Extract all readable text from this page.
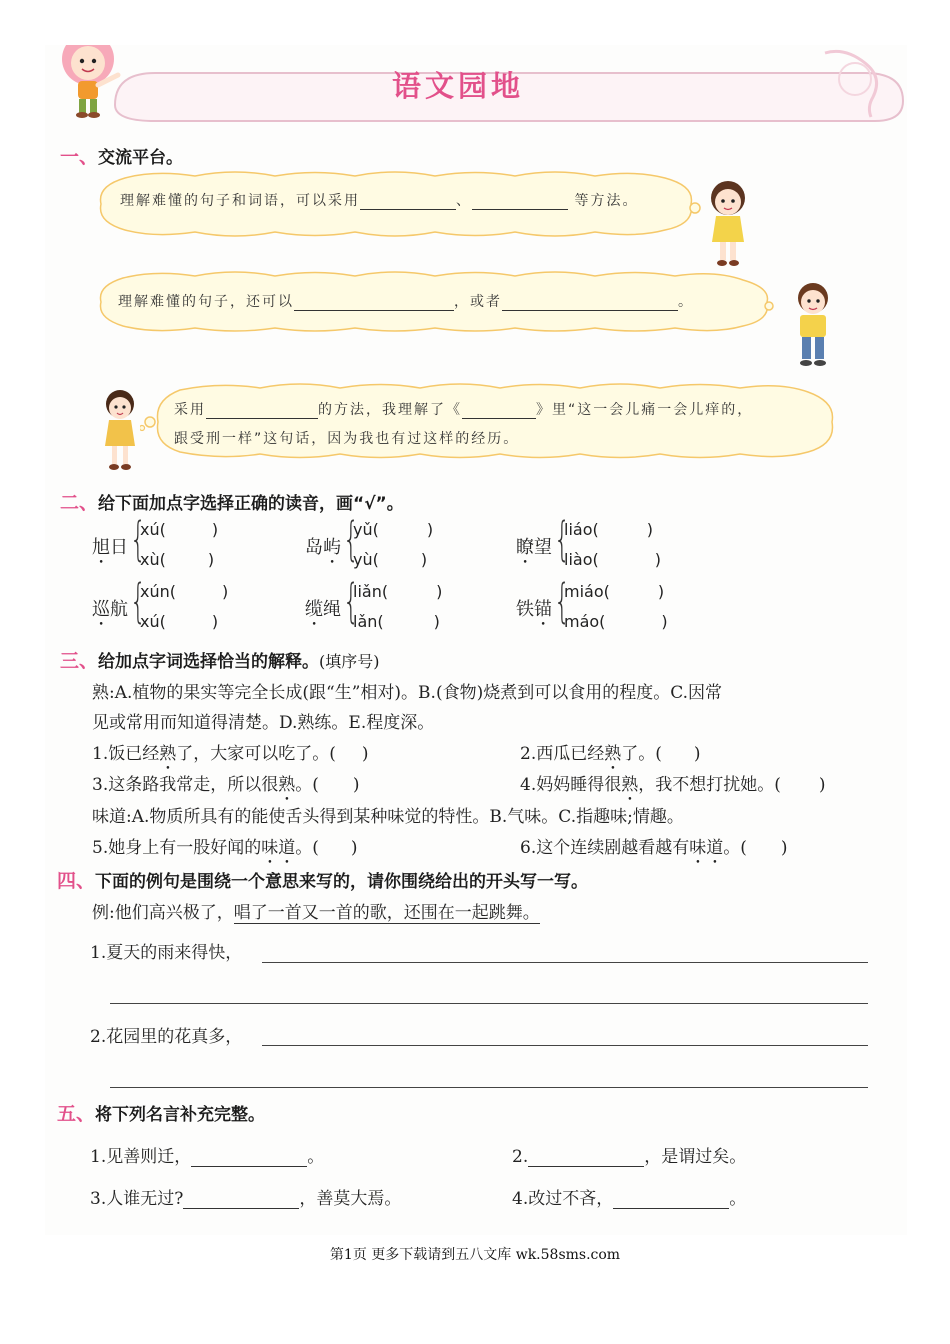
语文园地
一、交流平台。
理解难懂的句子和词语，可以采用	、	等方法。
理解难懂的句子，还可以	，或者	。
采用	的方法，我理解了《	》里“这一会儿痛一会儿痒的，
跟受刑一样”这句话，因为我也有过这样的经历。
二、给下面加点字选择正确的读音，画“√”。
旭日 {
xú(	)
xù(	)
岛屿 {
yǔ(	)
yù(	)
瞭望 {
liáo(	)
liào(	)
巡航 {
xún(	)
xú(	)
缆绳 {
liǎn(	)
lǎn(	)
铁锚 {
miáo(	)
máo(	)
三、给加点字词选择恰当的解释。(填序号)
熟:A.植物的果实等完全长成(跟“生”相对)。B.(食物)烧煮到可以食用的程度。C.因常
见或常用而知道得清楚。D.熟练。E.程度深。
1.饭已经熟了，大家可以吃了。( )	2.西瓜已经熟了。( )
3.这条路我常走，所以很熟。( )	4.妈妈睡得很熟，我不想打扰她。( )
味道:A.物质所具有的能使舌头得到某种味觉的特性。B.气味。C.指趣味;情趣。
5.她身上有一股好闻的味道。( )	6.这个连续剧越看越有味道。( )
四、下面的例句是围绕一个意思来写的，请你围绕给出的开头写一写。
例:他们高兴极了，唱了一首又一首的歌，还围在一起跳舞。
1.夏天的雨来得快，
2.花园里的花真多，
五、将下列名言补充完整。
1.见善则迁，	。	2.	，是谓过矣。
3.人谁无过?	，善莫大焉。	4.改过不吝，	。
第1页 更多下载请到五八文库 wk.58sms.com
